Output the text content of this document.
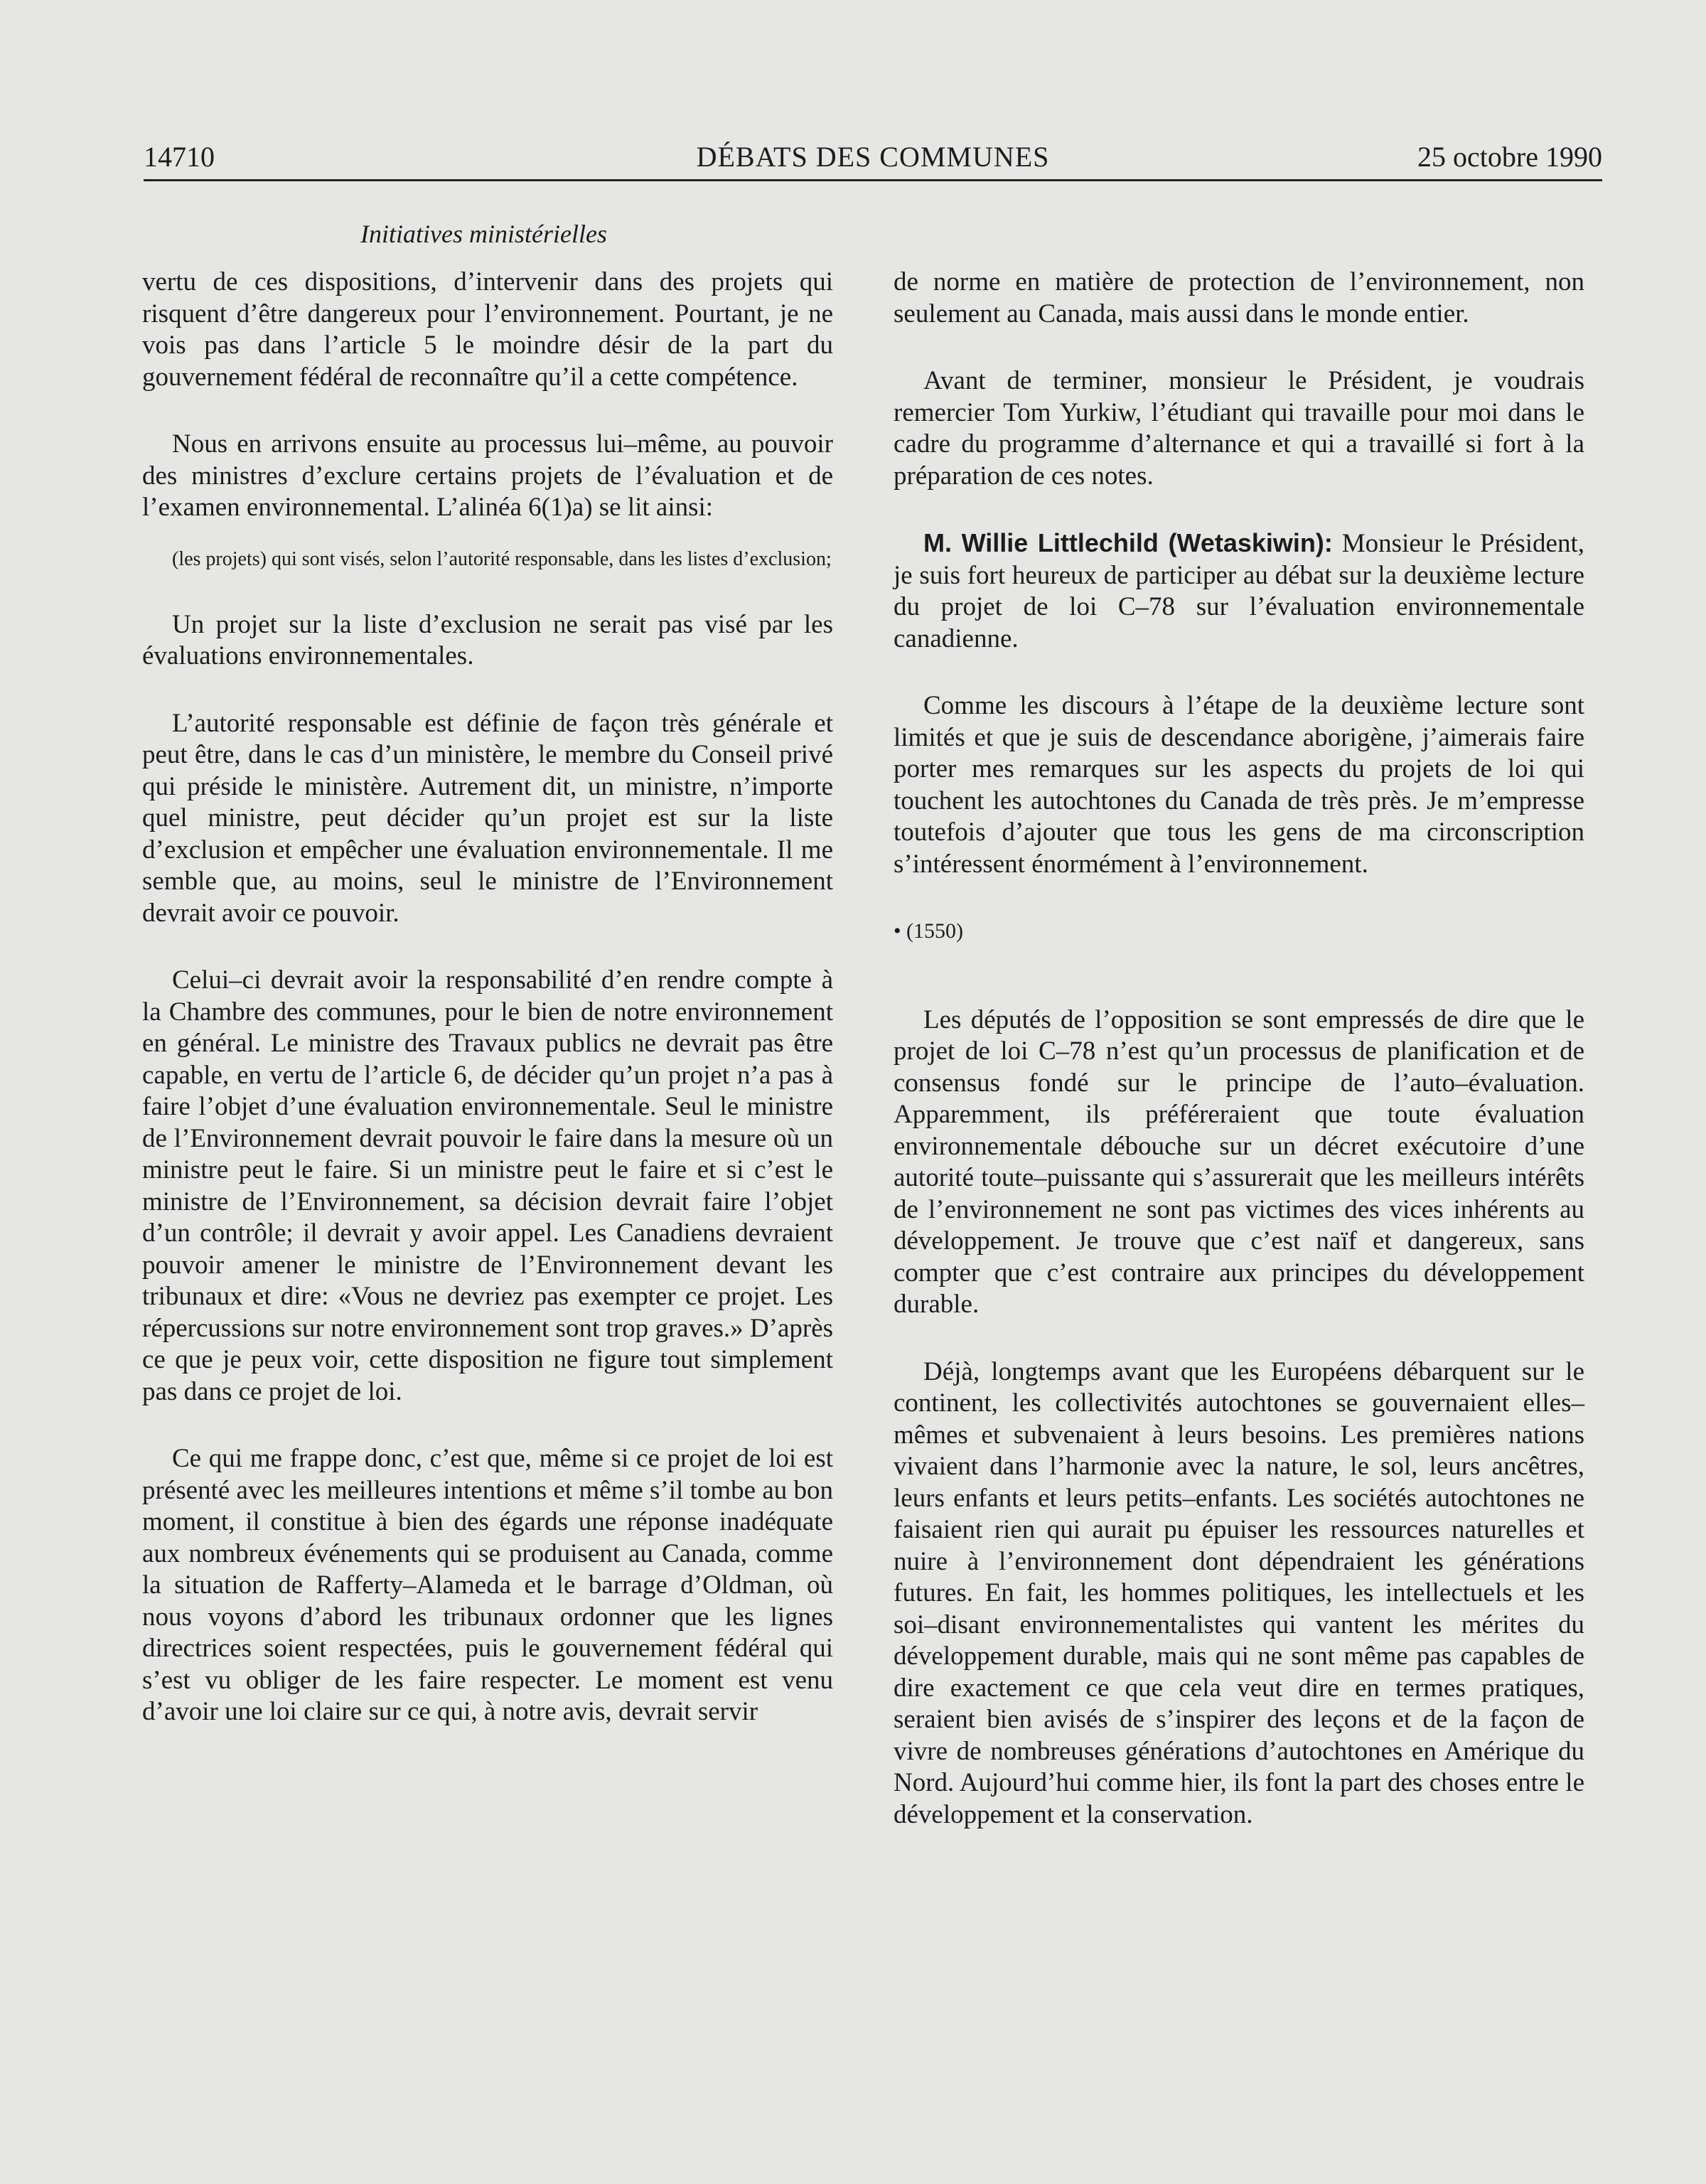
14710	DÉBATS DES COMMUNES	25 octobre 1990
Initiatives ministérielles

vertu de ces dispositions, d’intervenir dans des projets qui risquent d’être dangereux pour l’environnement. Pourtant, je ne vois pas dans l’article 5 le moindre désir de la part du gouvernement fédéral de reconnaître qu’il a cette compétence.

Nous en arrivons ensuite au processus lui–même, au pouvoir des ministres d’exclure certains projets de l’évaluation et de l’examen environnemental. L’alinéa 6(1)a) se lit ainsi:

(les projets) qui sont visés, selon l’autorité responsable, dans les listes d’exclusion;

Un projet sur la liste d’exclusion ne serait pas visé par les évaluations environnementales.

L’autorité responsable est définie de façon très générale et peut être, dans le cas d’un ministère, le membre du Conseil privé qui préside le ministère. Autrement dit, un ministre, n’importe quel ministre, peut décider qu’un projet est sur la liste d’exclusion et empêcher une évaluation environnementale. Il me semble que, au moins, seul le ministre de l’Environnement devrait avoir ce pouvoir.

Celui–ci devrait avoir la responsabilité d’en rendre compte à la Chambre des communes, pour le bien de notre environnement en général. Le ministre des Travaux publics ne devrait pas être capable, en vertu de l’article 6, de décider qu’un projet n’a pas à faire l’objet d’une évaluation environnementale. Seul le ministre de l’Environnement devrait pouvoir le faire dans la mesure où un ministre peut le faire. Si un ministre peut le faire et si c’est le ministre de l’Environnement, sa décision devrait faire l’objet d’un contrôle; il devrait y avoir appel. Les Canadiens devraient pouvoir amener le ministre de l’Environnement devant les tribunaux et dire: «Vous ne devriez pas exempter ce projet. Les répercussions sur notre environnement sont trop graves.» D’après ce que je peux voir, cette disposition ne figure tout simplement pas dans ce projet de loi.

Ce qui me frappe donc, c’est que, même si ce projet de loi est présenté avec les meilleures intentions et même s’il tombe au bon moment, il constitue à bien des égards une réponse inadéquate aux nombreux événements qui se produisent au Canada, comme la situation de Rafferty–Alameda et le barrage d’Oldman, où nous voyons d’abord les tribunaux ordonner que les lignes directrices soient respectées, puis le gouvernement fédéral qui s’est vu obliger de les faire respecter. Le moment est venu d’avoir une loi claire sur ce qui, à notre avis, devrait servir

de norme en matière de protection de l’environnement, non seulement au Canada, mais aussi dans le monde entier.

Avant de terminer, monsieur le Président, je voudrais remercier Tom Yurkiw, l’étudiant qui travaille pour moi dans le cadre du programme d’alternance et qui a travaillé si fort à la préparation de ces notes.

M. Willie Littlechild (Wetaskiwin): Monsieur le Président, je suis fort heureux de participer au débat sur la deuxième lecture du projet de loi C–78 sur l’évaluation environnementale canadienne.

Comme les discours à l’étape de la deuxième lecture sont limités et que je suis de descendance aborigène, j’aimerais faire porter mes remarques sur les aspects du projets de loi qui touchent les autochtones du Canada de très près. Je m’empresse toutefois d’ajouter que tous les gens de ma circonscription s’intéressent énormément à l’environnement.

• (1550)

Les députés de l’opposition se sont empressés de dire que le projet de loi C–78 n’est qu’un processus de planification et de consensus fondé sur le principe de l’auto–évaluation. Apparemment, ils préféreraient que toute évaluation environnementale débouche sur un décret exécutoire d’une autorité toute–puissante qui s’assurerait que les meilleurs intérêts de l’environnement ne sont pas victimes des vices inhérents au développement. Je trouve que c’est naïf et dangereux, sans compter que c’est contraire aux principes du développement durable.

Déjà, longtemps avant que les Européens débarquent sur le continent, les collectivités autochtones se gouvernaient elles–mêmes et subvenaient à leurs besoins. Les premières nations vivaient dans l’harmonie avec la nature, le sol, leurs ancêtres, leurs enfants et leurs petits–enfants. Les sociétés autochtones ne faisaient rien qui aurait pu épuiser les ressources naturelles et nuire à l’environnement dont dépendraient les générations futures. En fait, les hommes politiques, les intellectuels et les soi–disant environnementalistes qui vantent les mérites du développement durable, mais qui ne sont même pas capables de dire exactement ce que cela veut dire en termes pratiques, seraient bien avisés de s’inspirer des leçons et de la façon de vivre de nombreuses générations d’autochtones en Amérique du Nord. Aujourd’hui comme hier, ils font la part des choses entre le développement et la conservation.
